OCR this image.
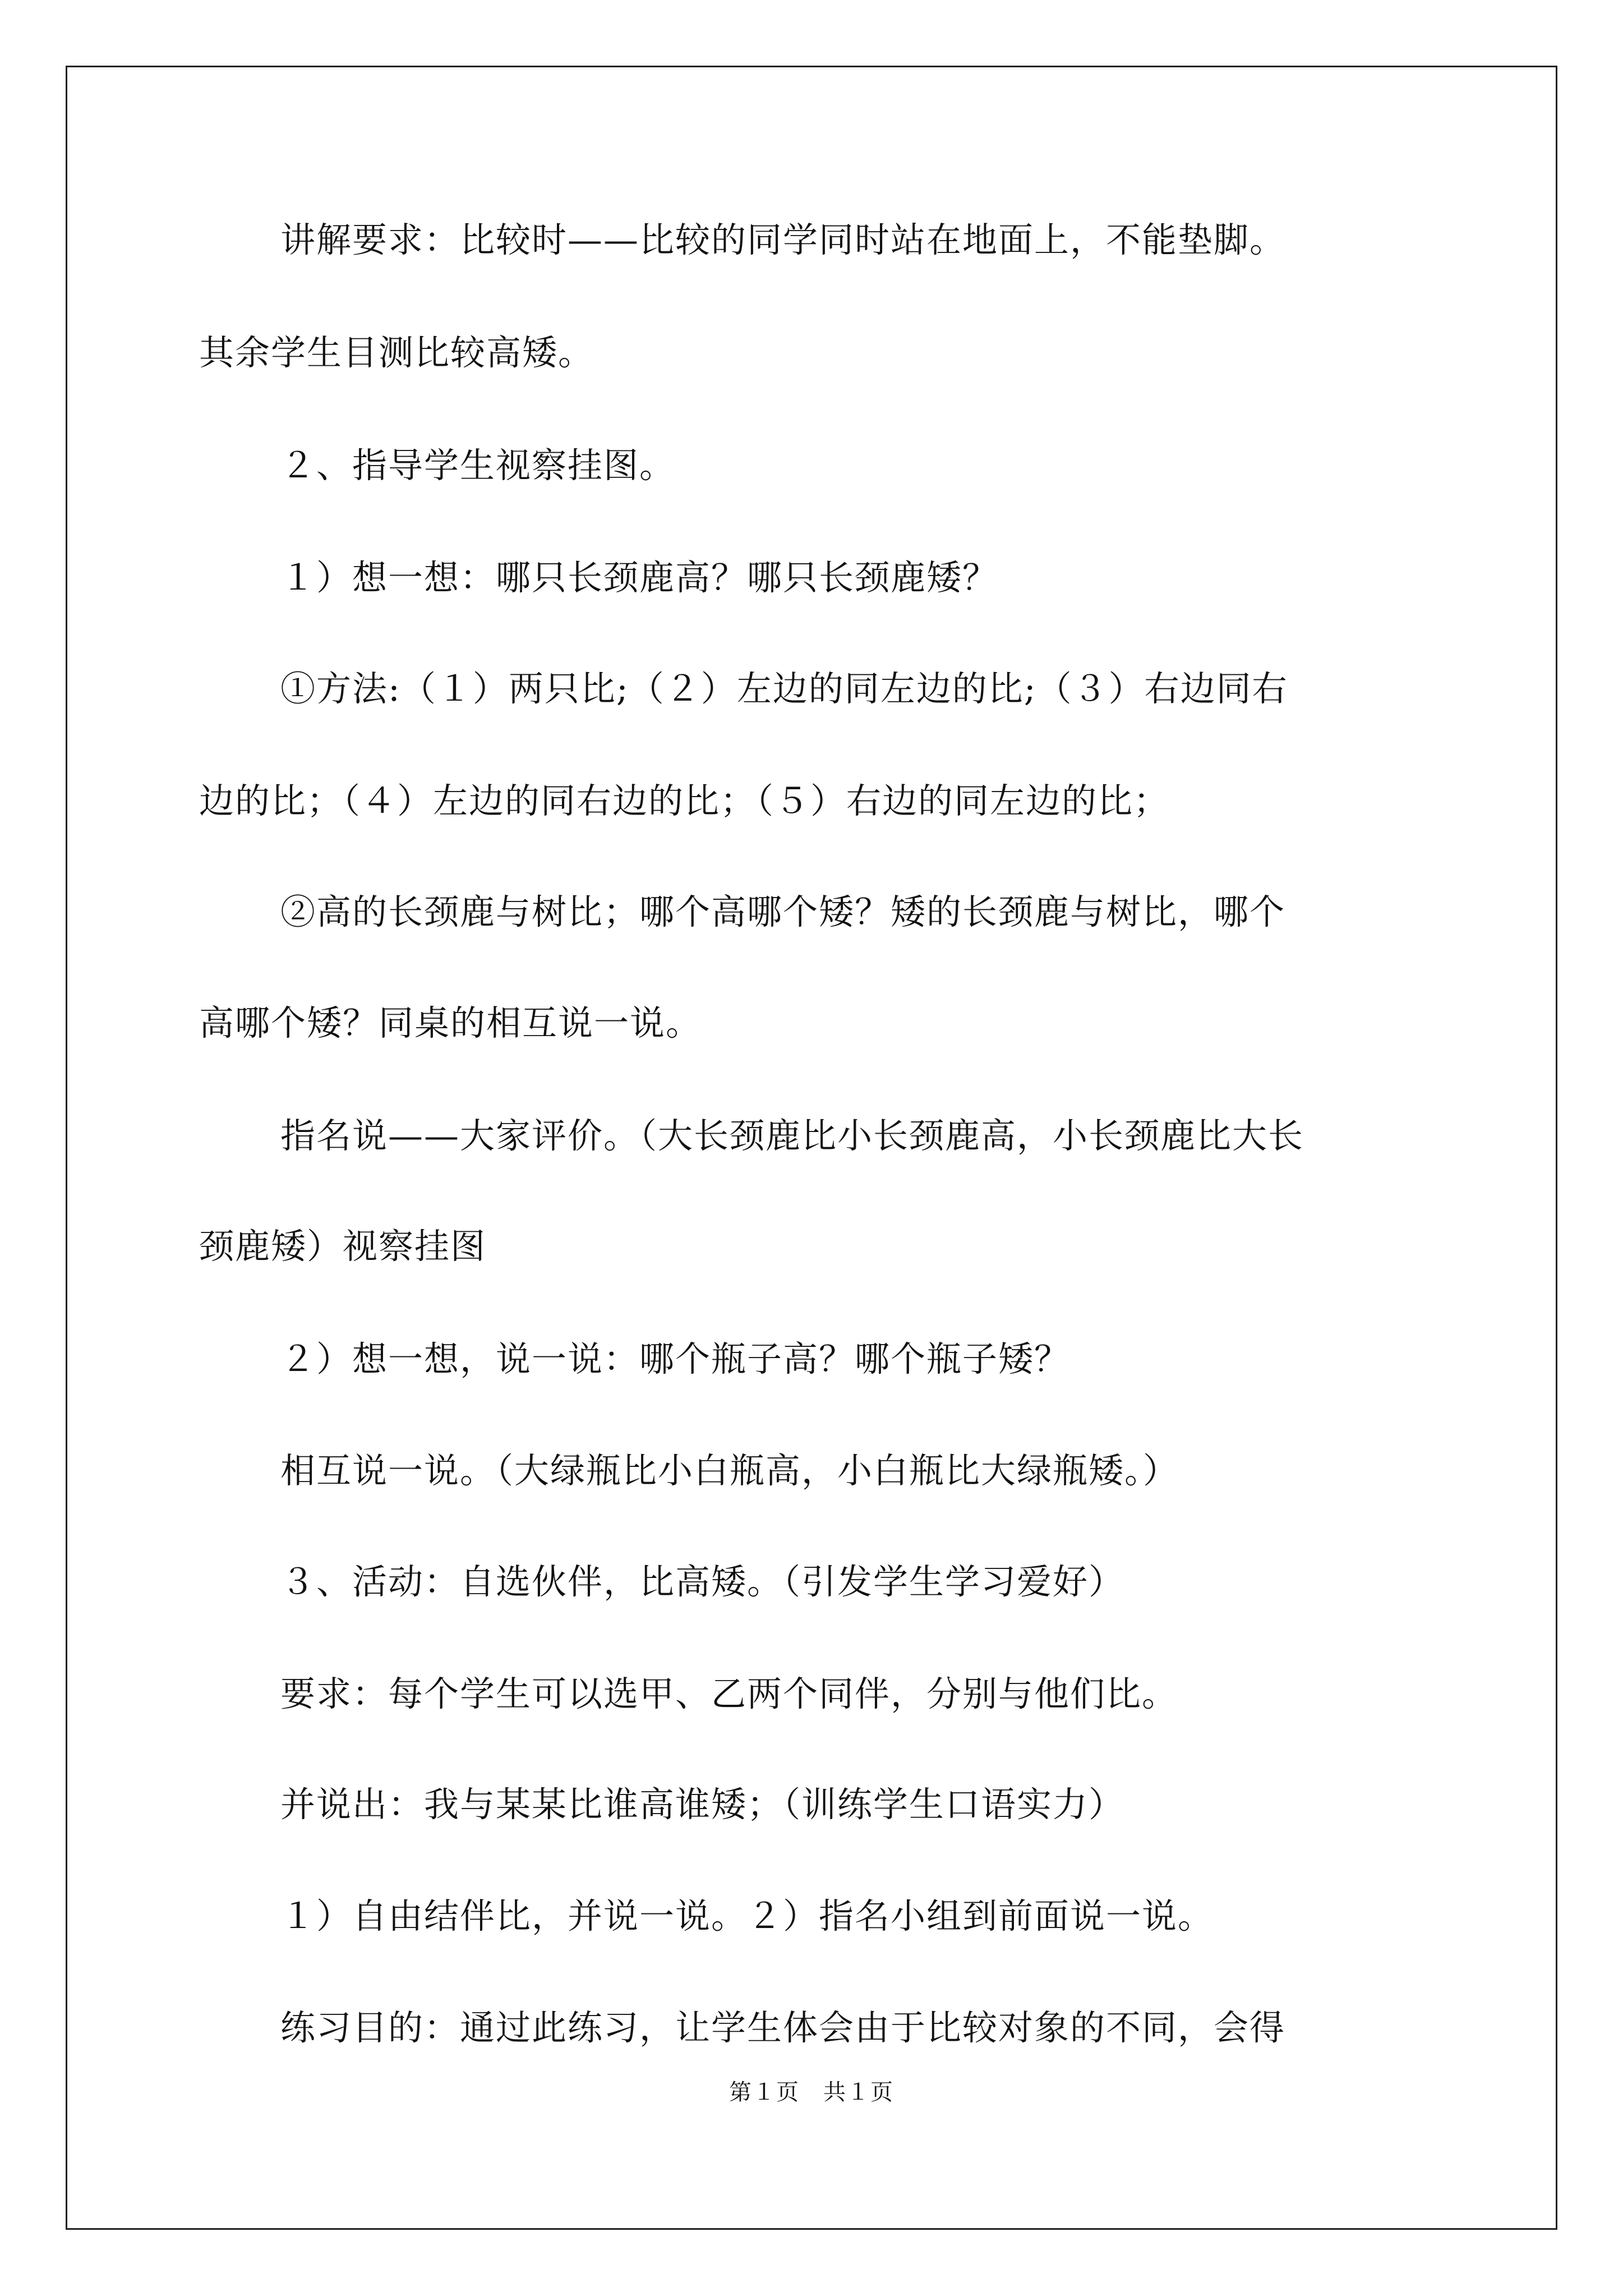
讲解要求：比较时——比较的同学同时站在地面上，不能垫脚。
其余学生目测比较高矮。
２、指导学生视察挂图。
１）想一想：哪只长颈鹿高？哪只长颈鹿矮？
①方法:（１）两只比;（２）左边的同左边的比;（３）右边同右
边的比；（４）左边的同右边的比；（５）右边的同左边的比；
②高的长颈鹿与树比；哪个高哪个矮？矮的长颈鹿与树比，哪个
高哪个矮？同桌的相互说一说。
指名说——大家评价。（大长颈鹿比小长颈鹿高，小长颈鹿比大长
颈鹿矮）视察挂图
２）想一想，说一说：哪个瓶子高？哪个瓶子矮？
相互说一说。（大绿瓶比小白瓶高，小白瓶比大绿瓶矮。）
３、活动：自选伙伴，比高矮。（引发学生学习爱好）
要求：每个学生可以选甲、乙两个同伴，分别与他们比。
并说出：我与某某比谁高谁矮；（训练学生口语实力）
１）自由结伴比，并说一说。２）指名小组到前面说一说。
练习目的：通过此练习，让学生体会由于比较对象的不同，会得
第１页　共１页
